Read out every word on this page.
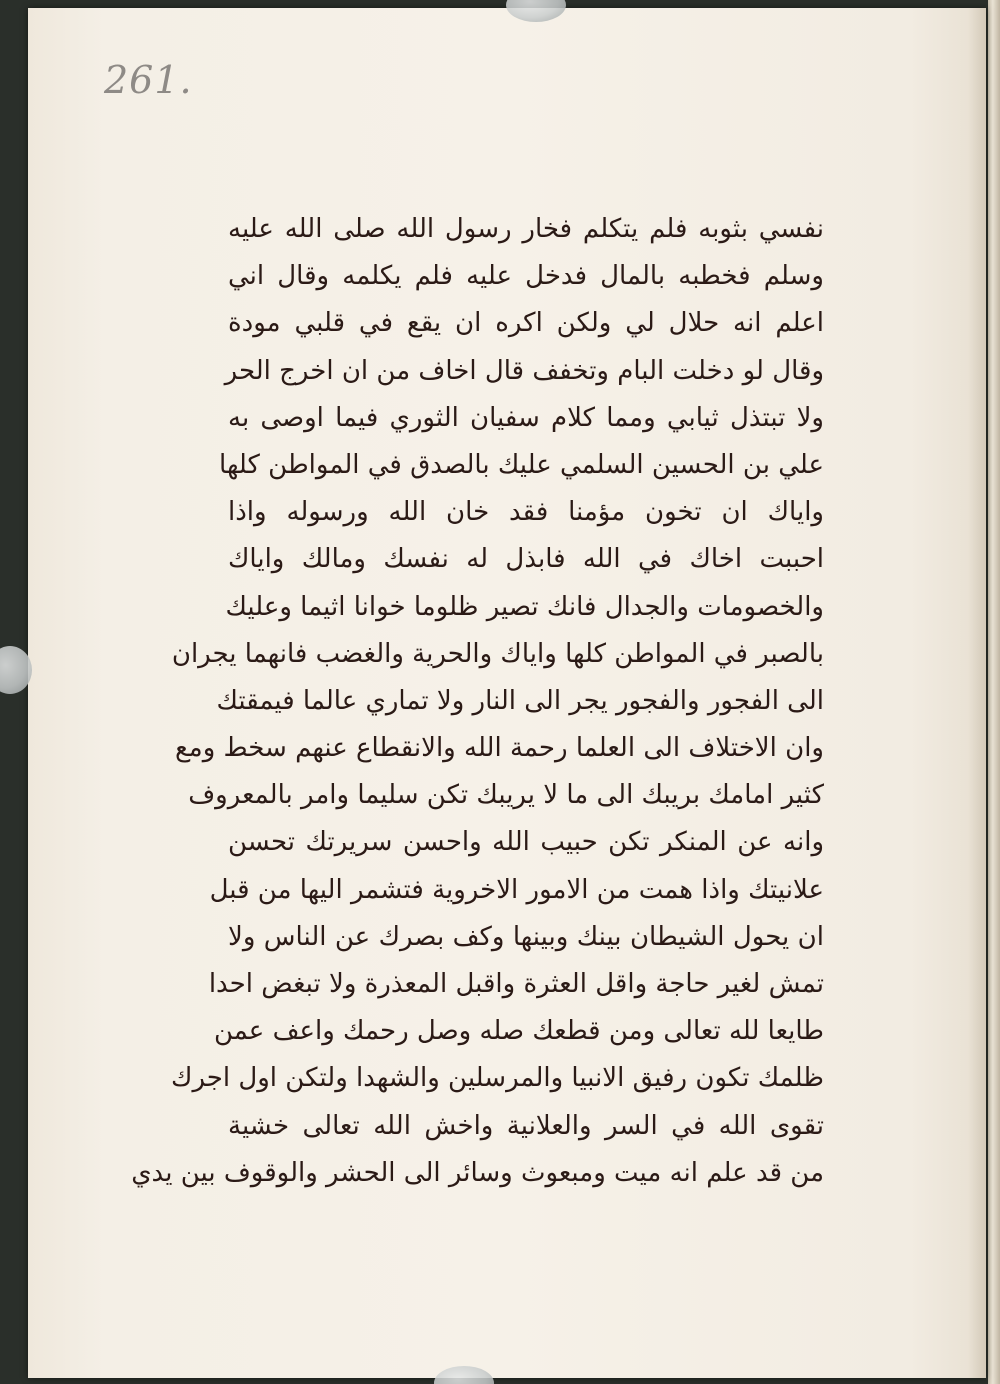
261.
نفسي بثوبه فلم يتكلم فخار رسول الله صلى الله عليه
وسلم فخطبه بالمال فدخل عليه فلم يكلمه وقال اني
اعلم انه حلال لي ولكن اكره ان يقع في قلبي مودة
وقال لو دخلت البام وتخفف قال اخاف من ان اخرج الحر
ولا تبتذل ثيابي ومما كلام سفيان الثوري فيما اوصى به
علي بن الحسين السلمي عليك بالصدق في المواطن كلها
واياك ان تخون مؤمنا فقد خان الله ورسوله واذا
احببت اخاك في الله فابذل له نفسك ومالك واياك
والخصومات والجدال فانك تصير ظلوما خوانا اثيما وعليك
بالصبر في المواطن كلها واياك والحرية والغضب فانهما يجران
الى الفجور والفجور يجر الى النار ولا تماري عالما فيمقتك
وان الاختلاف الى العلما رحمة الله والانقطاع عنهم سخط ومع
كثير امامك بريبك الى ما لا يريبك تكن سليما وامر بالمعروف
وانه عن المنكر تكن حبيب الله واحسن سريرتك تحسن
علانيتك واذا همت من الامور الاخروية فتشمر اليها من قبل
ان يحول الشيطان بينك وبينها وكف بصرك عن الناس ولا
تمش لغير حاجة واقل العثرة واقبل المعذرة ولا تبغض احدا
طايعا لله تعالى ومن قطعك صله وصل رحمك واعف عمن
ظلمك تكون رفيق الانبيا والمرسلين والشهدا ولتكن اول اجرك
تقوى الله في السر والعلانية واخش الله تعالى خشية
من قد علم انه ميت ومبعوث وسائر الى الحشر والوقوف بين يدي
